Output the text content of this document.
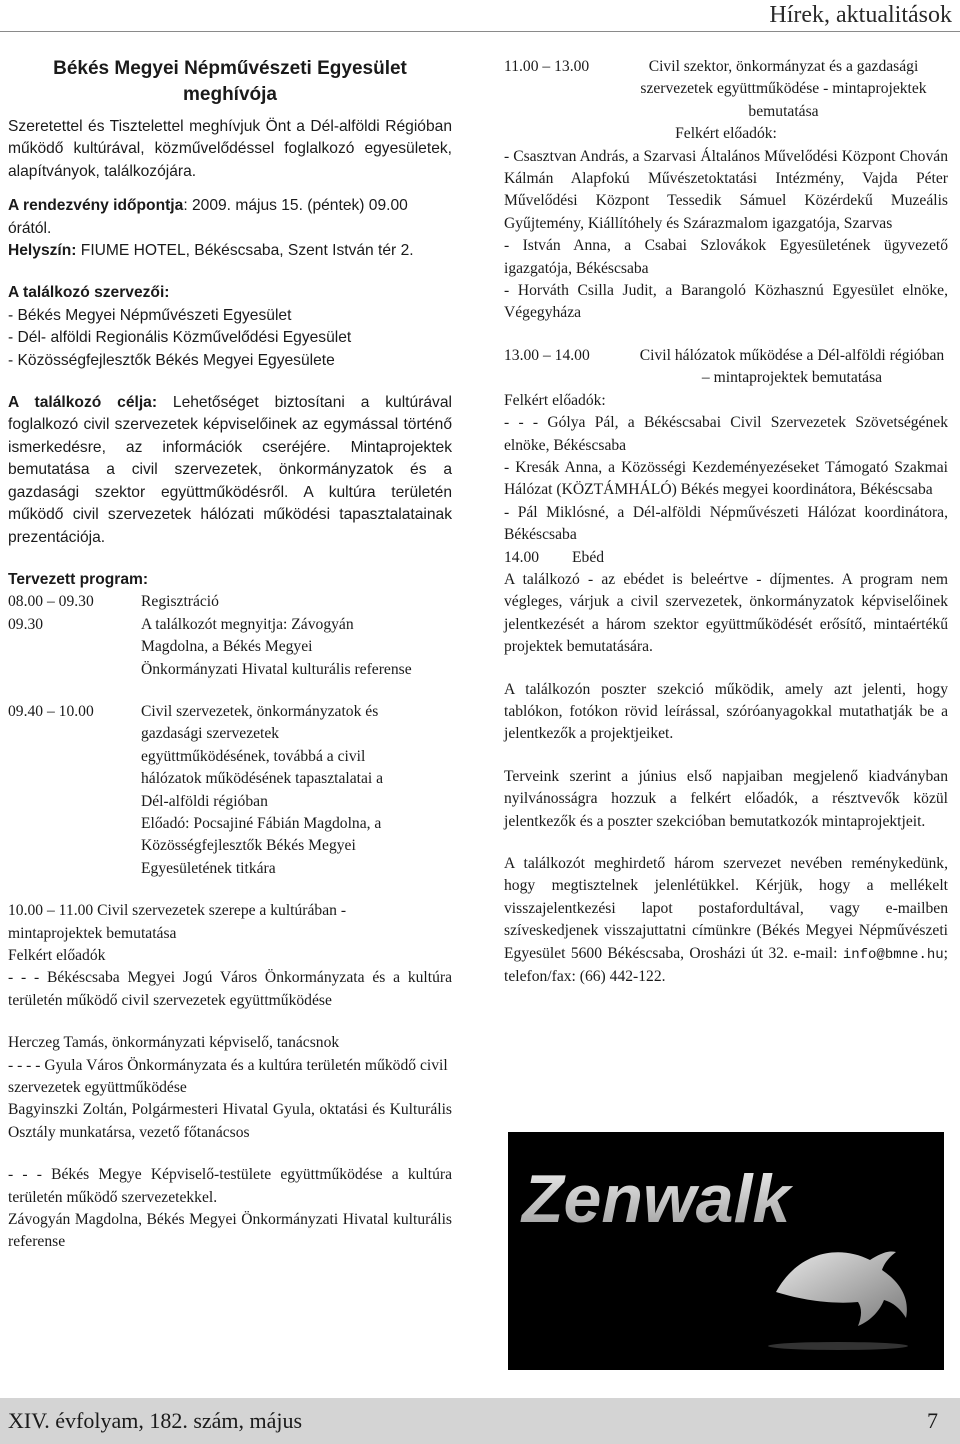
Hírek, aktualitások
Békés Megyei Népművészeti Egyesület meghívója

Szeretettel és Tisztelettel meghívjuk Önt a Dél-alföldi Régióban működő kultúrával, közművelődéssel foglalkozó egyesületek, alapítványok, találkozójára.

A rendezvény időpontja: 2009. május 15. (péntek) 09.00 órától.

Helyszín: FIUME HOTEL, Békéscsaba, Szent István tér 2.

A találkozó szervezői:

- Békés Megyei Népművészeti Egyesület

- Dél- alföldi Regionális Közművelődési Egyesület

- Közösségfejlesztők Békés Megyei Egyesülete

A találkozó célja: Lehetőséget biztosítani a kultúrával foglalkozó civil szervezetek képviselőinek az egymással történő ismerkedésre, az információk cseréjére. Mintaprojektek bemutatása a civil szervezetek, önkormányzatok és a gazdasági szektor együttműködésről. A kultúra területén működő civil szervezetek hálózati működési tapasztalatainak prezentációja.

Tervezett program:

08.00 – 09.30	Regisztráció
09.30	A találkozót megnyitja: Závogyán Magdolna, a Békés Megyei Önkormányzati Hivatal kulturális referense
09.40 – 10.00	Civil szervezetek, önkormányzatok és

gazdasági szervezetek

együttműködésének, továbbá a civil

hálózatok működésének tapasztalatai a

Dél-alföldi régióban

Előadó: Pocsajiné Fábián Magdolna, a

Közösségfejlesztők Békés Megyei

Egyesületének titkára

10.00 – 11.00 Civil szervezetek szerepe a kultúrában -

mintaprojektek bemutatása

Felkért előadók

- - - Békéscsaba Megyei Jogú Város Önkormányzata és a kultúra területén működő civil szervezetek együttműködése

Herczeg Tamás, önkormányzati képviselő, tanácsnok

- - - - Gyula Város Önkormányzata és a kultúra területén működő civil

szervezetek együttműködése

Bagyinszki Zoltán, Polgármesteri Hivatal Gyula, oktatási és Kulturális Osztály munkatársa, vezető főtanácsos

- - - Békés Megye Képviselő-testülete együttműködése a kultúra területén működő szervezetekkel.

Závogyán Magdolna, Békés Megyei Önkormányzati Hivatal kulturális referense

11.00 – 13.00	Civil szektor, önkormányzat és a gazdasági szervezetek együttműködése - mintaprojektek bemutatása

Felkért előadók:

- Csasztvan András, a Szarvasi Általános Művelődési Központ Chován Kálmán Alapfokú Művészetoktatási Intézmény, Vajda Péter Művelődési Központ Tessedik Sámuel Közérdekű Muzeális Gyűjtemény, Kiállítóhely és Szárazmalom igazgatója, Szarvas

- István Anna, a Csabai Szlovákok Egyesületének ügyvezető igazgatója, Békéscsaba

- Horváth Csilla Judit, a Barangoló Közhasznú Egyesület elnöke, Végegyháza

13.00 – 14.00	Civil hálózatok működése a Dél-alföldi régióban – mintaprojektek bemutatása

Felkért előadók:

- - - Gólya Pál, a Békéscsabai Civil Szervezetek Szövetségének elnöke, Békéscsaba

- Kresák Anna, a Közösségi Kezdeményezéseket Támogató Szakmai Hálózat (KÖZTÁMHÁLÓ) Békés megyei koordinátora, Békéscsaba

- Pál Miklósné, a Dél-alföldi Népművészeti Hálózat koordinátora, Békéscsaba

14.00	Ebéd

A találkozó - az ebédet is beleértve - díjmentes. A program nem végleges, várjuk a civil szervezetek, önkormányzatok képviselőinek jelentkezését a három szektor együttműködését erősítő, mintaértékű projektek bemutatására.

A találkozón poszter szekció működik, amely azt jelenti, hogy tablókon, fotókon rövid leírással, szóróanyagokkal mutathatják be a jelentkezők a projektjeiket.

Terveink szerint a június első napjaiban megjelenő kiadványban nyilvánosságra hozzuk a felkért előadók, a résztvevők közül jelentkezők és a poszter szekcióban bemutatkozók mintaprojektjeit.

A találkozót meghirdető három szervezet nevében reménykedünk, hogy megtisztelnek jelenlétükkel. Kérjük, hogy a mellékelt visszajelentkezési lapot postafordultával, vagy e-mailben szíveskedjenek visszajuttatni címünkre (Békés Megyei Népművészeti Egyesület 5600 Békéscsaba, Orosházi út 32. e-mail: info@bmne.hu; telefon/fax: (66) 442-122.

Zenwalk
XIV. évfolyam, 182. szám, május	7
